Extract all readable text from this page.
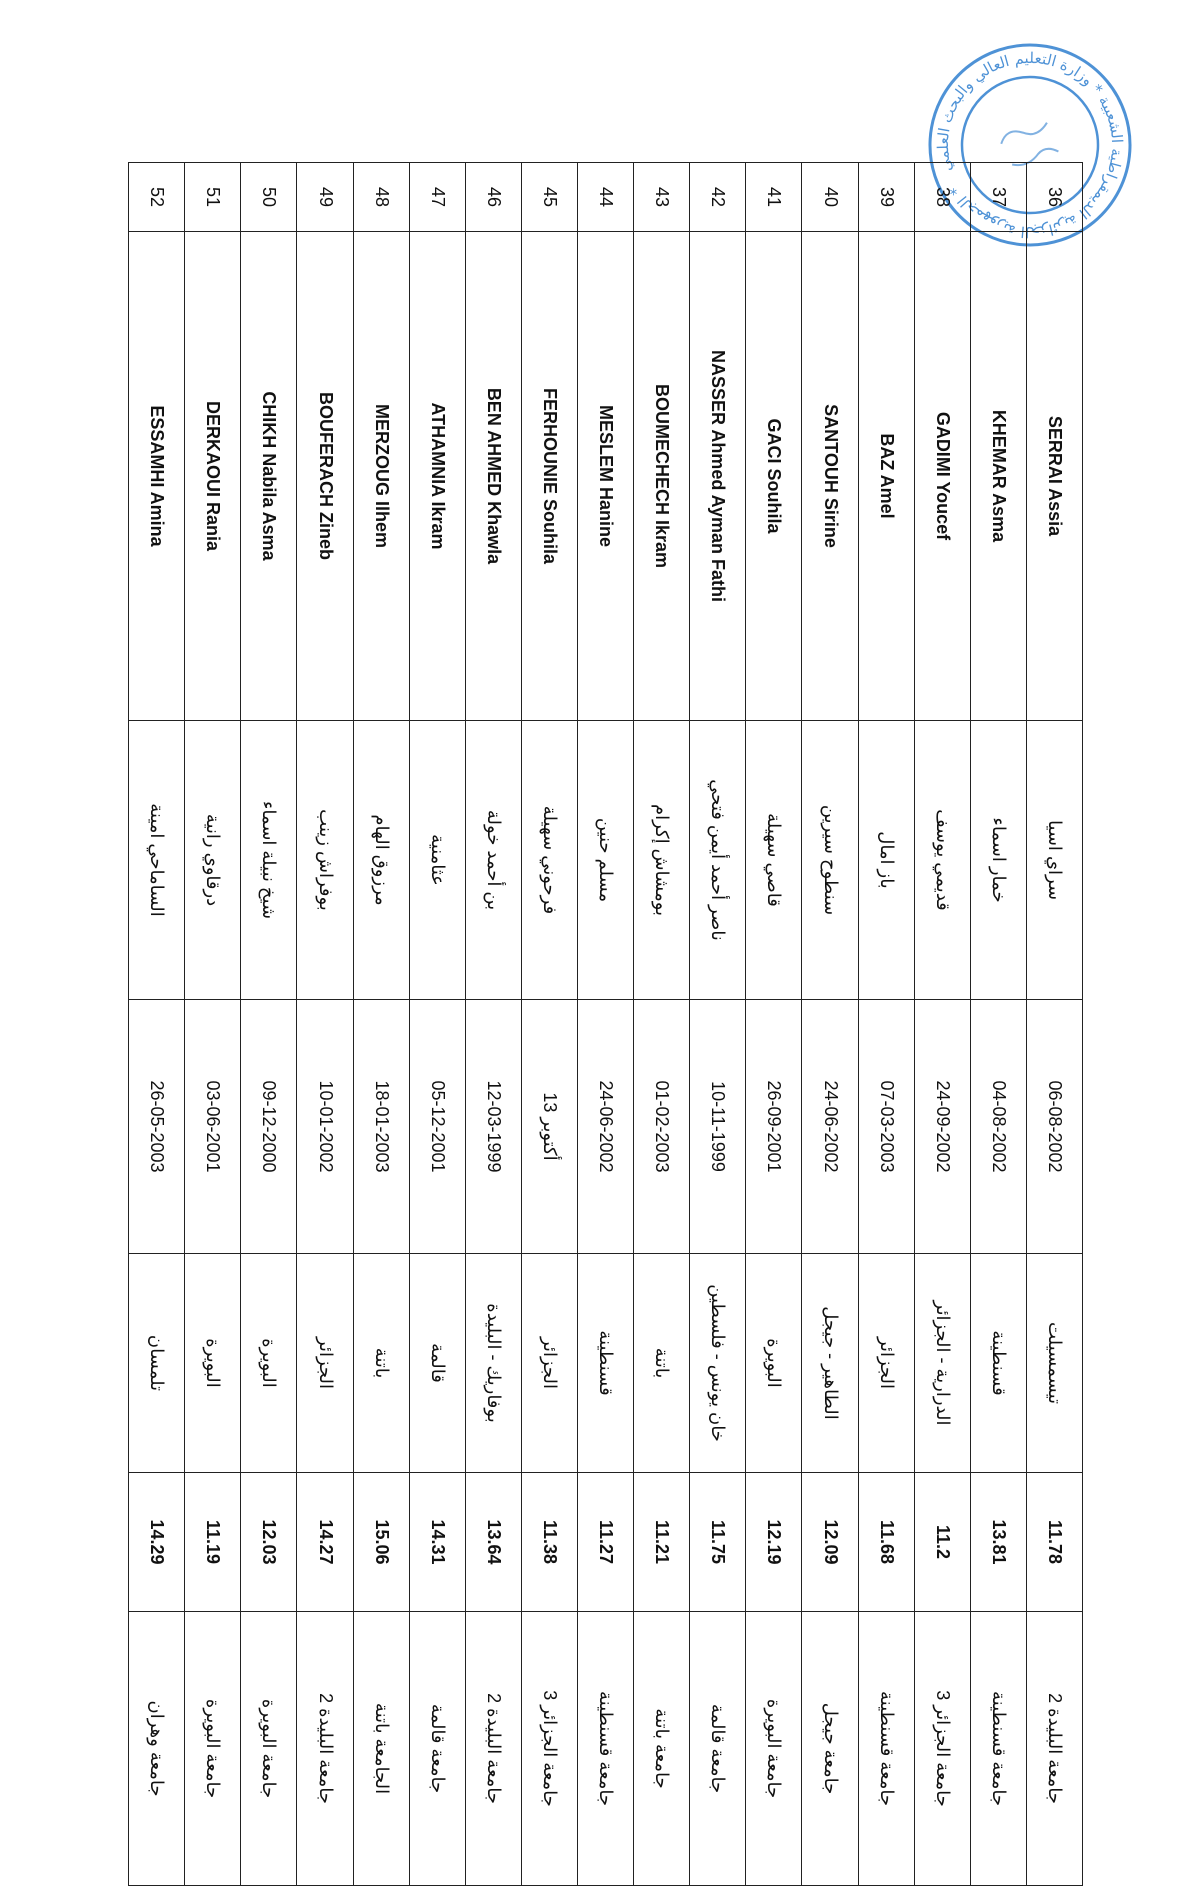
الجمهورية الجزائرية الديمقراطية الشعبية * وزارة التعليم العالي والبحث العلمي *	36	SERRAI Assia	سراي اسيا	06-08-2002	تيسمسيلت	11.78	جامعة البليدة 2
37	KHEMAR Asma	خمار اسماء	04-08-2002	قسنطينة	13.81	جامعة قسنطينة
38	GADIMI Youcef	قديمي يوسف	24-09-2002	الدرارية - الجزائر	11.2	جامعة الجزائر 3
39	BAZ Amel	باز امال	07-03-2003	الجزائر	11.68	جامعة قسنطينة
40	SANTOUH Sirine	سنطوح سيرين	24-06-2002	الطاهير - جيجل	12.09	جامعة جيجل
41	GACI Souhila	قاصي سهيلة	26-09-2001	البويرة	12.19	جامعة البويرة
42	NASSER Ahmed Ayman Fathi	ناصر أحمد أيمن فتحي	10-11-1999	خان يونس - فلسطين	11.75	جامعة قالمة
43	BOUMECHECH Ikram	بومشاش إكرام	01-02-2003	باتنة	11.21	جامعة باتنة
44	MESLEM Hanine	مسلم حنين	24-06-2002	قسنطينة	11.27	جامعة قسنطينة
45	FERHOUNIE Souhila	فرحوني سهيلة	13 أكتوبر	الجزائر	11.38	جامعة الجزائر 3
46	BEN AHMED Khawla	بن أحمد خولة	12-03-1999	بوفاريك - البليدة	13.64	جامعة البليدة 2
47	ATHAMNIA Ikram	عثامنية	05-12-2001	قالمة	14.31	جامعة قالمة
48	MERZOUG Ilhem	مرزوق الهام	18-01-2003	باتنة	15.06	الجامعة باتنة
49	BOUFERACH Zineb	بوفراش زينب	10-01-2002	الجزائر	14.27	جامعة البليدة 2
50	CHIKH Nabila Asma	شيخ نبيلة اسماء	09-12-2000	البويرة	12.03	جامعة البويرة
51	DERKAOUI Rania	درقاوي رانية	03-06-2001	البويرة	11.19	جامعة البويرة
52	ESSAMHI Amina	الساماحي امينة	26-05-2003	تلمسان	14.29	جامعة وهران
